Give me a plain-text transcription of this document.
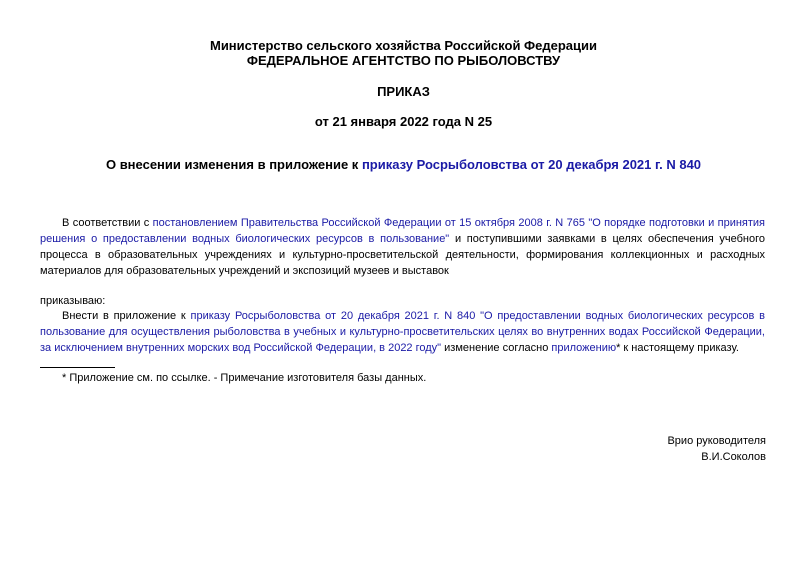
Министерство сельского хозяйства Российской Федерации
ФЕДЕРАЛЬНОЕ АГЕНТСТВО ПО РЫБОЛОВСТВУ
ПРИКАЗ
от 21 января 2022 года N 25
О внесении изменения в приложение к приказу Росрыболовства от 20 декабря 2021 г. N 840
В соответствии с постановлением Правительства Российской Федерации от 15 октября 2008 г. N 765 "О порядке подготовки и принятия решения о предоставлении водных биологических ресурсов в пользование" и поступившими заявками в целях обеспечения учебного процесса в образовательных учреждениях и культурно-просветительской деятельности, формирования коллекционных и расходных материалов для образовательных учреждений и экспозиций музеев и выставок
приказываю:
Внести в приложение к приказу Росрыболовства от 20 декабря 2021 г. N 840 "О предоставлении водных биологических ресурсов в пользование для осуществления рыболовства в учебных и культурно-просветительских целях во внутренних водах Российской Федерации, за исключением внутренних морских вод Российской Федерации, в 2022 году" изменение согласно приложению* к настоящему приказу.
* Приложение см. по ссылке. - Примечание изготовителя базы данных.
Врио руководителя
В.И.Соколов
